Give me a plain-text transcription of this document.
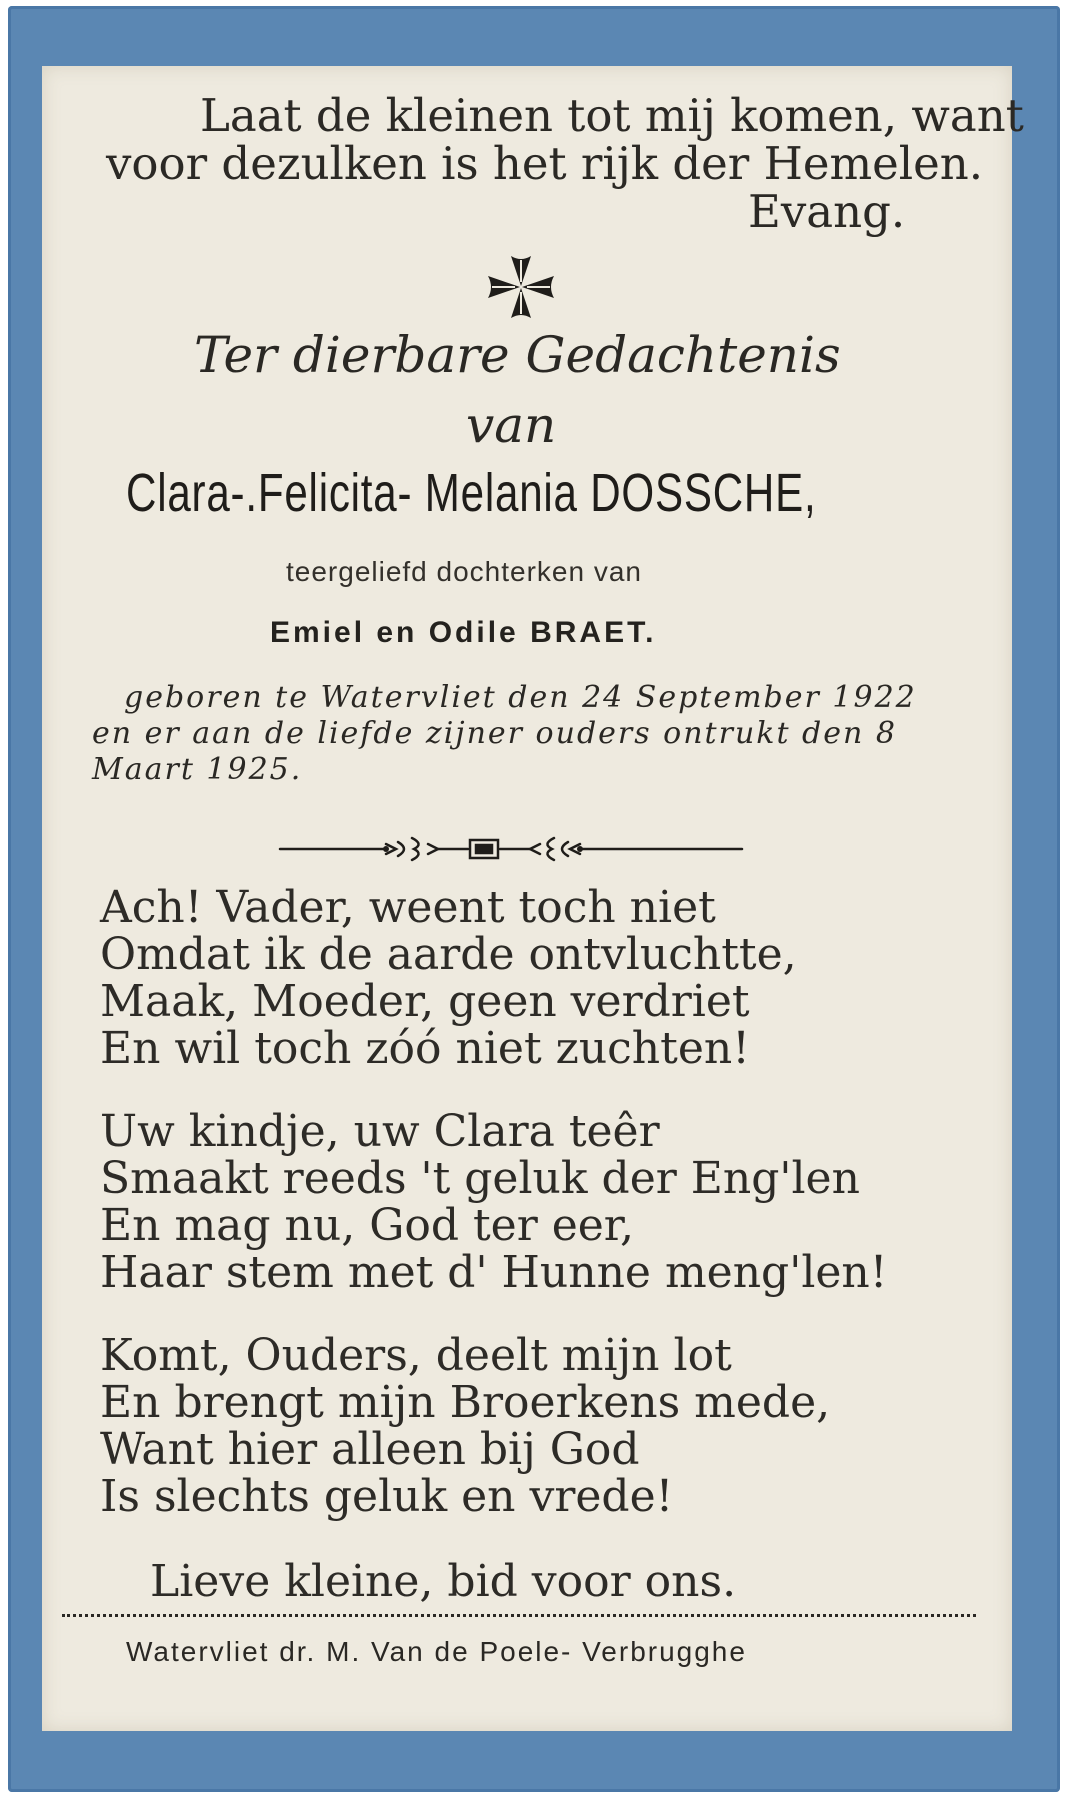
Laat de kleinen tot mij komen, want
voor dezulken is het rijk der Hemelen.
Evang.
Ter dierbare Gedachtenis
van
Clara-.Felicita- Melania DOSSCHE,
teergeliefd dochterken van
Emiel en Odile BRAET.
geboren te Watervliet den 24 September 1922
en er aan de liefde zijner ouders ontrukt den 8
Maart 1925.
Ach! Vader, weent toch niet
Omdat ik de aarde ontvluchtte,
Maak, Moeder, geen verdriet
En wil toch zóó niet zuchten!
Uw kindje, uw Clara teêr
Smaakt reeds 't geluk der Eng'len
En mag nu, God ter eer,
Haar stem met d' Hunne meng'len!
Komt, Ouders, deelt mijn lot
En brengt mijn Broerkens mede,
Want hier alleen bij God
Is slechts geluk en vrede!
Lieve kleine, bid voor ons.
Watervliet dr. M. Van de Poele- Verbrugghe
